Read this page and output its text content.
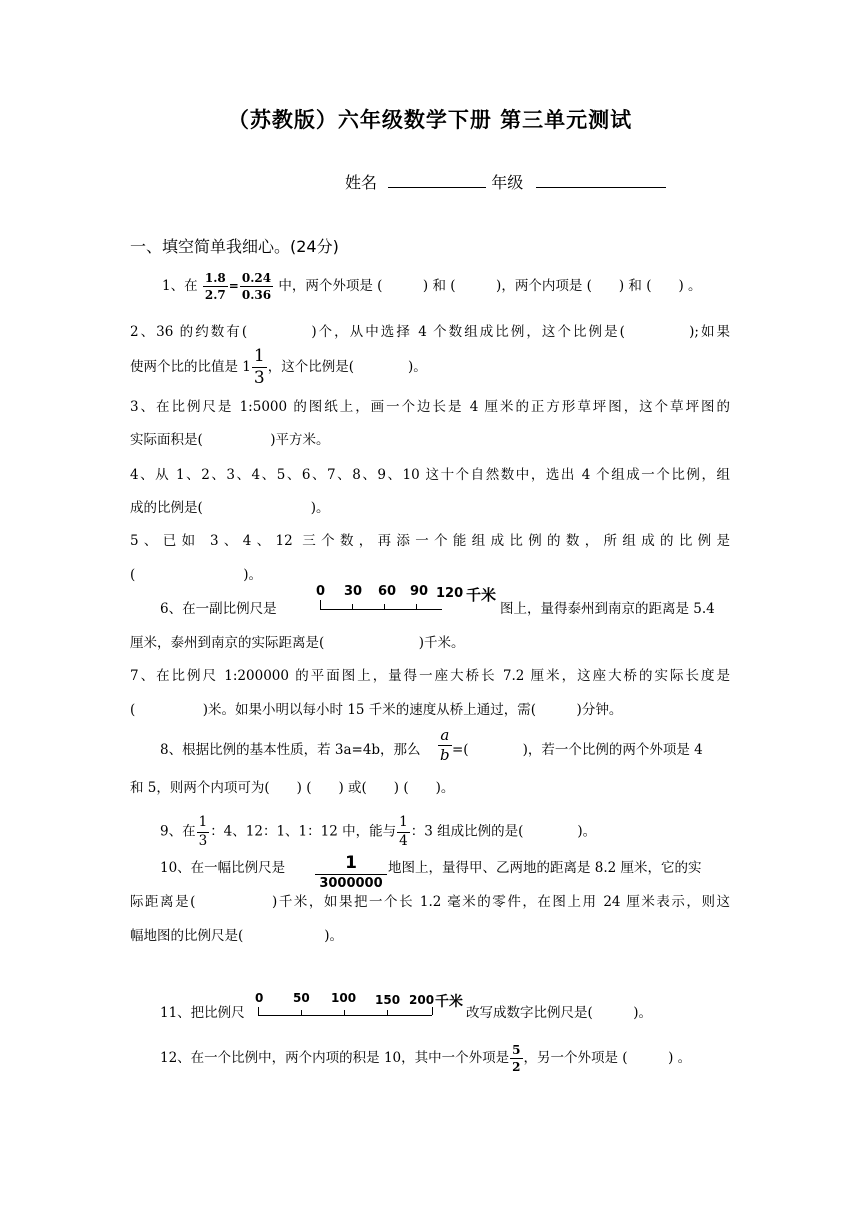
（苏教版）六年级数学下册 第三单元测试
姓名	年级
一、填空简单我细心。(24分)
1、在 $\frac{1.8}{2.7} = \frac{0.24}{0.36}$ 中，两个外项是 (　　　) 和 (　　　)，两个内项是 (　　) 和 (　　) 。
2、36 的约数有(　　　　)个，从中选择 4 个数组成比例，这个比例是(　　　　);如果
使两个比的比值是 $1 \frac{1}{3}$ ，这个比例是(　　　　)。
3、在比例尺是 1:5000 的图纸上，画一个边长是 4 厘米的正方形草坪图，这个草坪图的
实际面积是(　　　　　)平方米。
4、从 1、2、3、4、5、6、7、8、9、10 这十个自然数中，选出 4 个组成一个比例，组
成的比例是(　　　　　　　　)。
5、已如 3、4、12 三个数，再添一个能组成比例的数，所组成的比例是
(　　　　　　　　)。
6、在一副比例尺是	图上，量得泰州到南京的距离是 5.4
0 30 60 90 120 千米
厘米，泰州到南京的实际距离是(　　　　　　　)千米。
7、在比例尺 1:200000 的平面图上，量得一座大桥长 7.2 厘米，这座大桥的实际长度是
(　　　　　)米。如果小明以每小时 15 千米的速度从桥上通过，需(　　　)分钟。
8、根据比例的基本性质，若 3a=4b，那么 $\frac{a}{b}$ =(　　　　)，若一个比例的两个外项是 4
和 5，则两个内项可为(　　) (　　) 或(　　) (　　)。
9、在 $\frac{1}{3}$ ：4、12：1、1：12 中，能与 $\frac{1}{4}$ ：3 组成比例的是(　　　　)。
10、在一幅比例尺是	地图上，量得甲、乙两地的距离是 8.2 厘米，它的实
1
3000000
际距离是(　　　　　)千米，如果把一个长 1.2 毫米的零件，在图上用 24 厘米表示，则这
幅地图的比例尺是(　　　　　　)。
11、把比例尺	改写成数字比例尺是(　　　)。
0 50 100 150 200 千米
12、在一个比例中，两个内项的积是 10，其中一个外项是 $\frac{5}{2}$ ，另一个外项是 (　　　) 。
